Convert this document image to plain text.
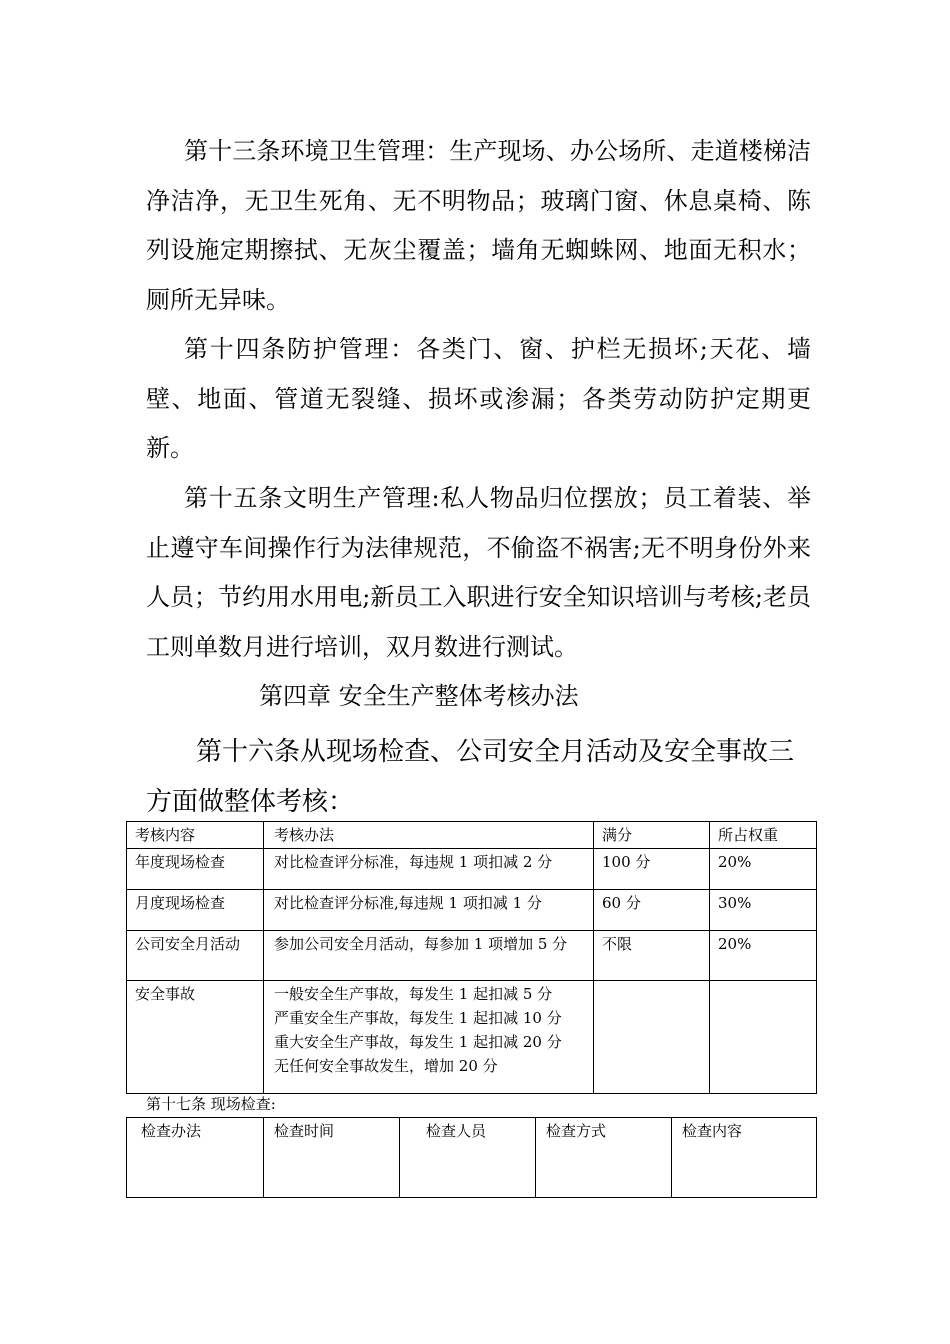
第十三条环境卫生管理：生产现场、办公场所、走道楼梯洁净洁净，无卫生死角、无不明物品；玻璃门窗、休息桌椅、陈列设施定期擦拭、无灰尘覆盖；墙角无蜘蛛网、地面无积水；厕所无异味。

第十四条防护管理：各类门、窗、护栏无损坏;天花、墙壁、地面、管道无裂缝、损坏或渗漏；各类劳动防护定期更新。

第十五条文明生产管理:私人物品归位摆放；员工着装、举止遵守车间操作行为法律规范，不偷盗不祸害;无不明身份外来人员；节约用水用电;新员工入职进行安全知识培训与考核;老员工则单数月进行培训，双月数进行测试。

第四章 安全生产整体考核办法

第十六条从现场检查、公司安全月活动及安全事故三方面做整体考核：

考核内容	考核办法	满分	所占权重
年度现场检查	对比检查评分标准，每违规 1 项扣减 2 分	100 分	20%
月度现场检查	对比检查评分标准,每违规 1 项扣减 1 分	60 分	30%
公司安全月活动	参加公司安全月活动，每参加 1 项增加 5 分	不限	20%
安全事故	一般安全生产事故，每发生 1 起扣减 5 分
严重安全生产事故，每发生 1 起扣减 10 分
重大安全生产事故，每发生 1 起扣减 20 分
无任何安全事故发生，增加 20 分		

第十七条 现场检查:

检查办法	检查时间	检查人员	检查方式	检查内容
